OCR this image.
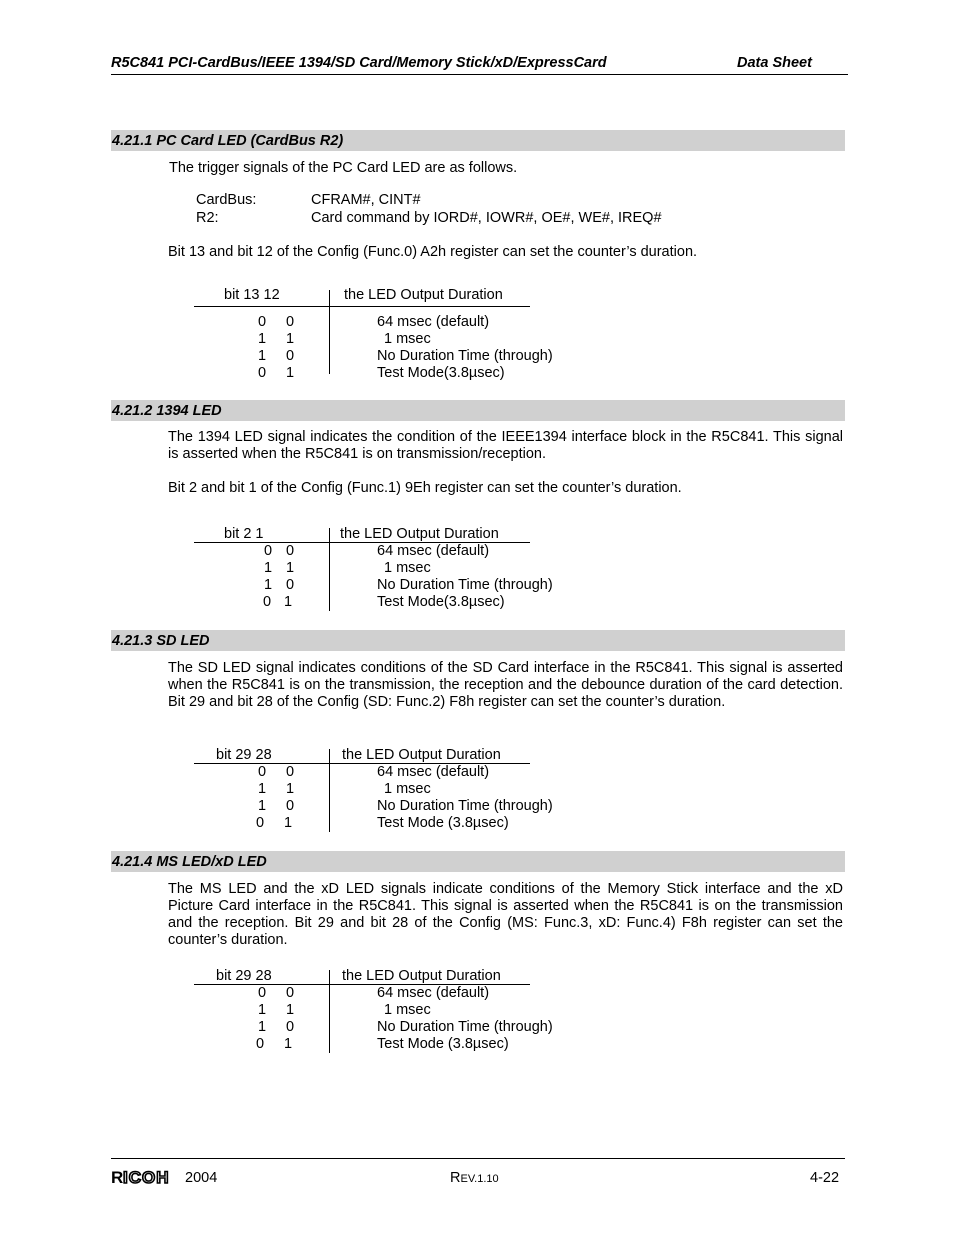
R5C841 PCI-CardBus/IEEE 1394/SD Card/Memory Stick/xD/ExpressCard	Data Sheet
4.21.1 PC Card LED (CardBus R2)
The trigger signals of the PC Card LED are as follows.
CardBus:	CFRAM#, CINT#
R2:	Card command by IORD#, IOWR#, OE#, WE#, IREQ#
Bit 13 and bit 12 of the Config (Func.0) A2h register can set the counter’s duration.
bit 13 12	the LED Output Duration
0 0	64 msec (default)
1 1	1 msec
1 0	No Duration Time (through)
0 1	Test Mode(3.8µsec)
4.21.2 1394 LED
The 1394 LED signal indicates the condition of the IEEE1394 interface block in the R5C841. This signal is asserted when the R5C841 is on transmission/reception.
Bit 2 and bit 1 of the Config (Func.1) 9Eh register can set the counter’s duration.
bit 2 1	the LED Output Duration
0 0	64 msec (default)
1 1	1 msec
1 0	No Duration Time (through)
0 1	Test Mode(3.8µsec)
4.21.3 SD LED
The SD LED signal indicates conditions of the SD Card interface in the R5C841. This signal is asserted when the R5C841 is on the transmission, the reception and the debounce duration of the card detection. Bit 29 and bit 28 of the Config (SD: Func.2) F8h register can set the counter’s duration.
bit 29 28	the LED Output Duration
0 0	64 msec (default)
1 1	1 msec
1 0	No Duration Time (through)
0 1	Test Mode (3.8µsec)
4.21.4 MS LED/xD LED
The MS LED and the xD LED signals indicate conditions of the Memory Stick interface and the xD Picture Card interface in the R5C841. This signal is asserted when the R5C841 is on the transmission and the reception. Bit 29 and bit 28 of the Config (MS: Func.3, xD: Func.4) F8h register can set the counter’s duration.
bit 29 28	the LED Output Duration
0 0	64 msec (default)
1 1	1 msec
1 0	No Duration Time (through)
0 1	Test Mode (3.8µsec)
R ICOH 2004	REV.1.10	4-22
